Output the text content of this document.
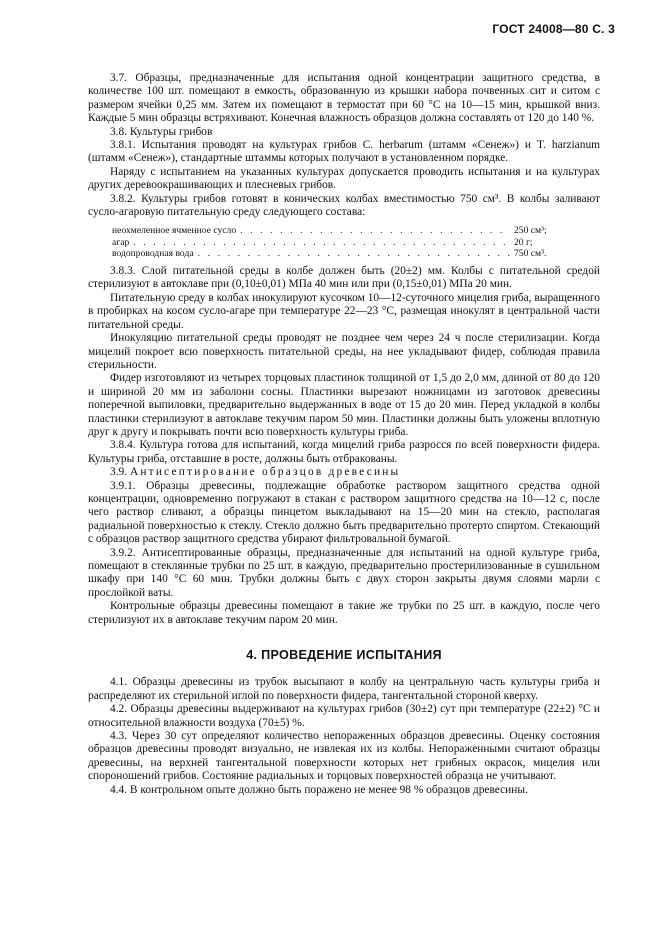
ГОСТ 24008—80 С. 3

3.7. Образцы, предназначенные для испытания одной концентрации защитного средства, в количестве 100 шт. помещают в емкость, образованную из крышки набора почвенных сит и ситом с размером ячейки 0,25 мм. Затем их помещают в термостат при 60 °С на 10—15 мин, крышкой вниз. Каждые 5 мин образцы встряхивают. Конечная влажность образцов должна составлять от 120 до 140 %.

3.8. Культуры грибов

3.8.1. Испытания проводят на культурах грибов С. herbarum (штамм «Сенеж») и T. harzianum (штамм «Сенеж»), стандартные штаммы которых получают в установленном порядке.

Наряду с испытанием на указанных культурах допускается проводить испытания и на культурах других деревоокрашивающих и плесневых грибов.

3.8.2. Культуры грибов готовят в конических колбах вместимостью 750 см³. В колбы заливают сусло-агаровую питательную среду следующего состава:

неохмеленное ячменное сусло . . .	250 см³;
агар . . .	20 г;
водопроводная вода . . .	750 см³.

3.8.3. Слой питательной среды в колбе должен быть (20±2) мм. Колбы с питательной средой стерилизуют в автоклаве при (0,10±0,01) МПа 40 мин или при (0,15±0,01) МПа 20 мин.

Питательную среду в колбах инокулируют кусочком 10—12-суточного мицелия гриба, выращенного в пробирках на косом сусло-агаре при температуре 22—23 °С, размещая инокулят в центральной части питательной среды.

Инокуляцию питательной среды проводят не позднее чем через 24 ч после стерилизации. Когда мицелий покроет всю поверхность питательной среды, на нее укладывают фидер, соблюдая правила стерильности.

Фидер изготовляют из четырех торцовых пластинок толщиной от 1,5 до 2,0 мм, длиной от 80 до 120 и шириной 20 мм из заболони сосны. Пластинки вырезают ножницами из заготовок древесины поперечной выпиловки, предварительно выдержанных в воде от 15 до 20 мин. Перед укладкой в колбы пластинки стерилизуют в автоклаве текучим паром 50 мин. Пластинки должны быть уложены вплотную друг к другу и покрывать почти всю поверхность культуры гриба.

3.8.4. Культура готова для испытаний, когда мицелий гриба разросся по всей поверхности фидера. Культуры гриба, отставшие в росте, должны быть отбракованы.

3.9. Антисептирование образцов древесины

3.9.1. Образцы древесины, подлежащие обработке раствором защитного средства одной концентрации, одновременно погружают в стакан с раствором защитного средства на 10—12 с, после чего раствор сливают, а образцы пинцетом выкладывают на 15—20 мин на стекло, располагая радиальной поверхностью к стеклу. Стекло должно быть предварительно протерто спиртом. Стекающий с образцов раствор защитного средства убирают фильтровальной бумагой.

3.9.2. Антисептированные образцы, предназначенные для испытаний на одной культуре гриба, помещают в стеклянные трубки по 25 шт. в каждую, предварительно простерилизованные в сушильном шкафу при 140 °С 60 мин. Трубки должны быть с двух сторон закрыты двумя слоями марли с прослойкой ваты.

Контрольные образцы древесины помещают в такие же трубки по 25 шт. в каждую, после чего стерилизуют их в автоклаве текучим паром 20 мин.

4. ПРОВЕДЕНИЕ ИСПЫТАНИЯ

4.1. Образцы древесины из трубок высыпают в колбу на центральную часть культуры гриба и распределяют их стерильной иглой по поверхности фидера, тангентальной стороной кверху.

4.2. Образцы древесины выдерживают на культурах грибов (30±2) сут при температуре (22±2) °С и относительной влажности воздуха (70±5) %.

4.3. Через 30 сут определяют количество непораженных образцов древесины. Оценку состояния образцов древесины проводят визуально, не извлекая их из колбы. Непораженными считают образцы древесины, на верхней тангентальной поверхности которых нет грибных окрасок, мицелия или спороношений грибов. Состояние радиальных и торцовых поверхностей образца не учитывают.

4.4. В контрольном опыте должно быть поражено не менее 98 % образцов древесины.
